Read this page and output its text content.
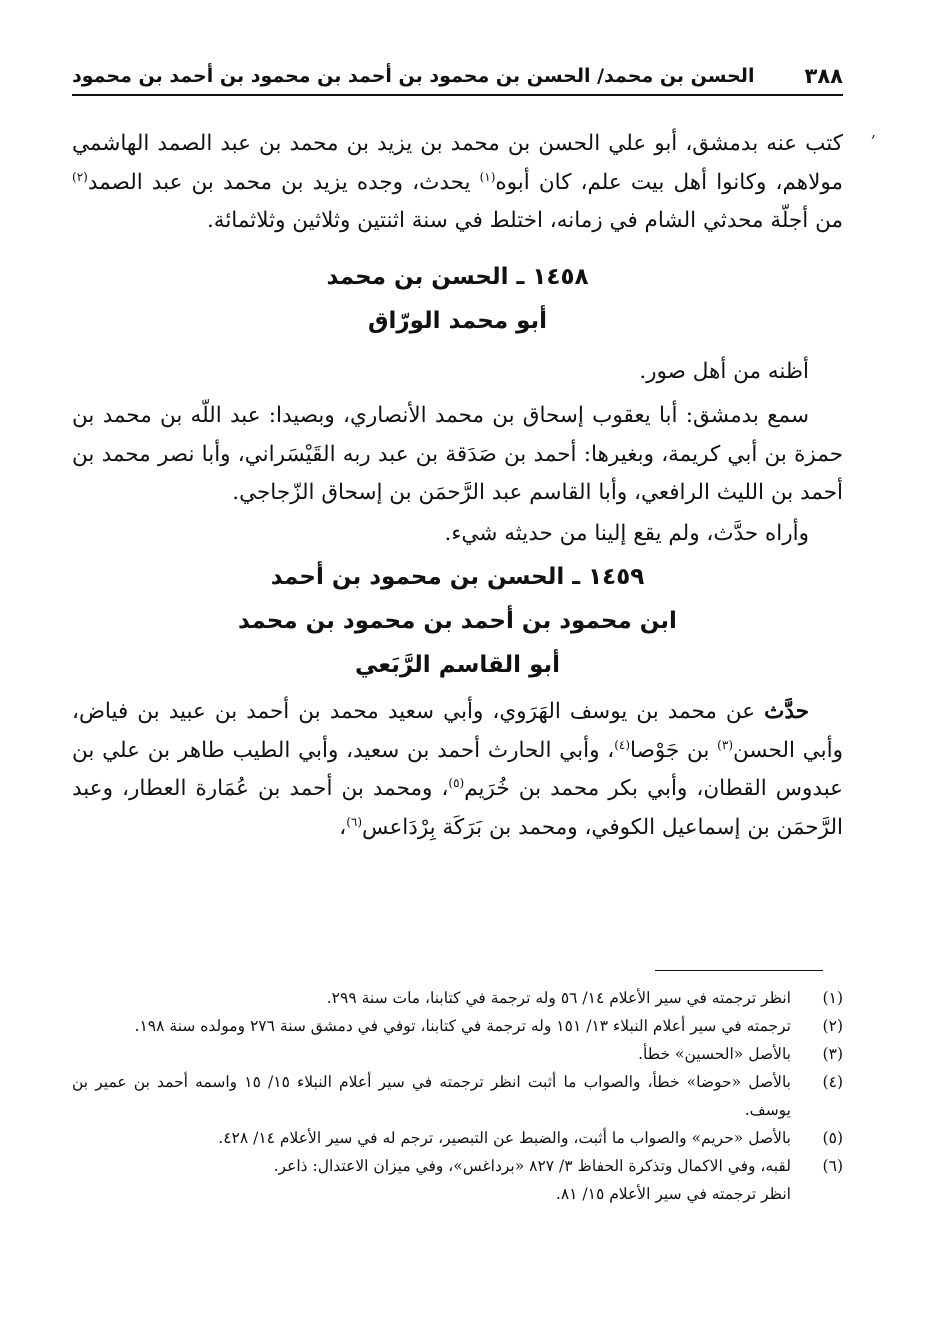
٣٨٨
الحسن بن محمد/ الحسن بن محمود بن أحمد بن محمود بن أحمد بن محمود
,

كتب عنه بدمشق، أبو علي الحسن بن محمد بن يزيد بن محمد بن عبد الصمد الهاشمي مولاهم، وكانوا أهل بيت علم، كان أبوه$^{(١)}$ يحدث، وجده يزيد بن محمد بن عبد الصمد$^{(٢)}$ من أجلّة محدثي الشام في زمانه، اختلط في سنة اثنتين وثلاثين وثلاثمائة.

١٤٥٨ ـ الحسن بن محمد

أبو محمد الورّاق

أظنه من أهل صور.

سمع بدمشق: أبا يعقوب إسحاق بن محمد الأنصاري، وبصيدا: عبد اللّه بن محمد بن حمزة بن أبي كريمة، وبغيرها: أحمد بن صَدَقة بن عبد ربه القَيْسَراني، وأبا نصر محمد بن أحمد بن الليث الرافعي، وأبا القاسم عبد الرَّحمَن بن إسحاق الزّجاجي.

وأراه حدَّث، ولم يقع إلينا من حديثه شيء.

١٤٥٩ ـ الحسن بن محمود بن أحمد

ابن محمود بن أحمد بن محمود بن محمد

أبو القاسم الرَّبَعي

حدَّث عن محمد بن يوسف الهَرَوي، وأبي سعيد محمد بن أحمد بن عبيد بن فياض، وأبي الحسن$^{(٣)}$ بن جَوْصا$^{(٤)}$، وأبي الحارث أحمد بن سعيد، وأبي الطيب طاهر بن علي بن عبدوس القطان، وأبي بكر محمد بن خُرَيم$^{(٥)}$، ومحمد بن أحمد بن عُمَارة العطار، وعبد الرَّحمَن بن إسماعيل الكوفي، ومحمد بن بَرَكَة بِرْدَاعس$^{(٦)}$،

(١)
انظر ترجمته في سير الأعلام ١٤/ ٥٦ وله ترجمة في كتابنا، مات سنة ٢٩٩.
(٢)
ترجمته في سير أعلام النبلاء ١٣/ ١٥١ وله ترجمة في كتابنا، توفي في دمشق سنة ٢٧٦ ومولده سنة ١٩٨.
(٣)
بالأصل «الحسين» خطأ.
(٤)
بالأصل «حوضا» خطأ، والصواب ما أثبت انظر ترجمته في سير أعلام النبلاء ١٥/ ١٥ واسمه أحمد بن عمير بن يوسف.
(٥)
بالأصل «حريم» والصواب ما أثبت، والضبط عن التبصير، ترجم له في سير الأعلام ١٤/ ٤٢٨.
(٦)
لقبه، وفي الاكمال وتذكرة الحفاظ ٣/ ٨٢٧ «برداغس»، وفي ميزان الاعتدال: ذاعر.
انظر ترجمته في سير الأعلام ١٥/ ٨١.
